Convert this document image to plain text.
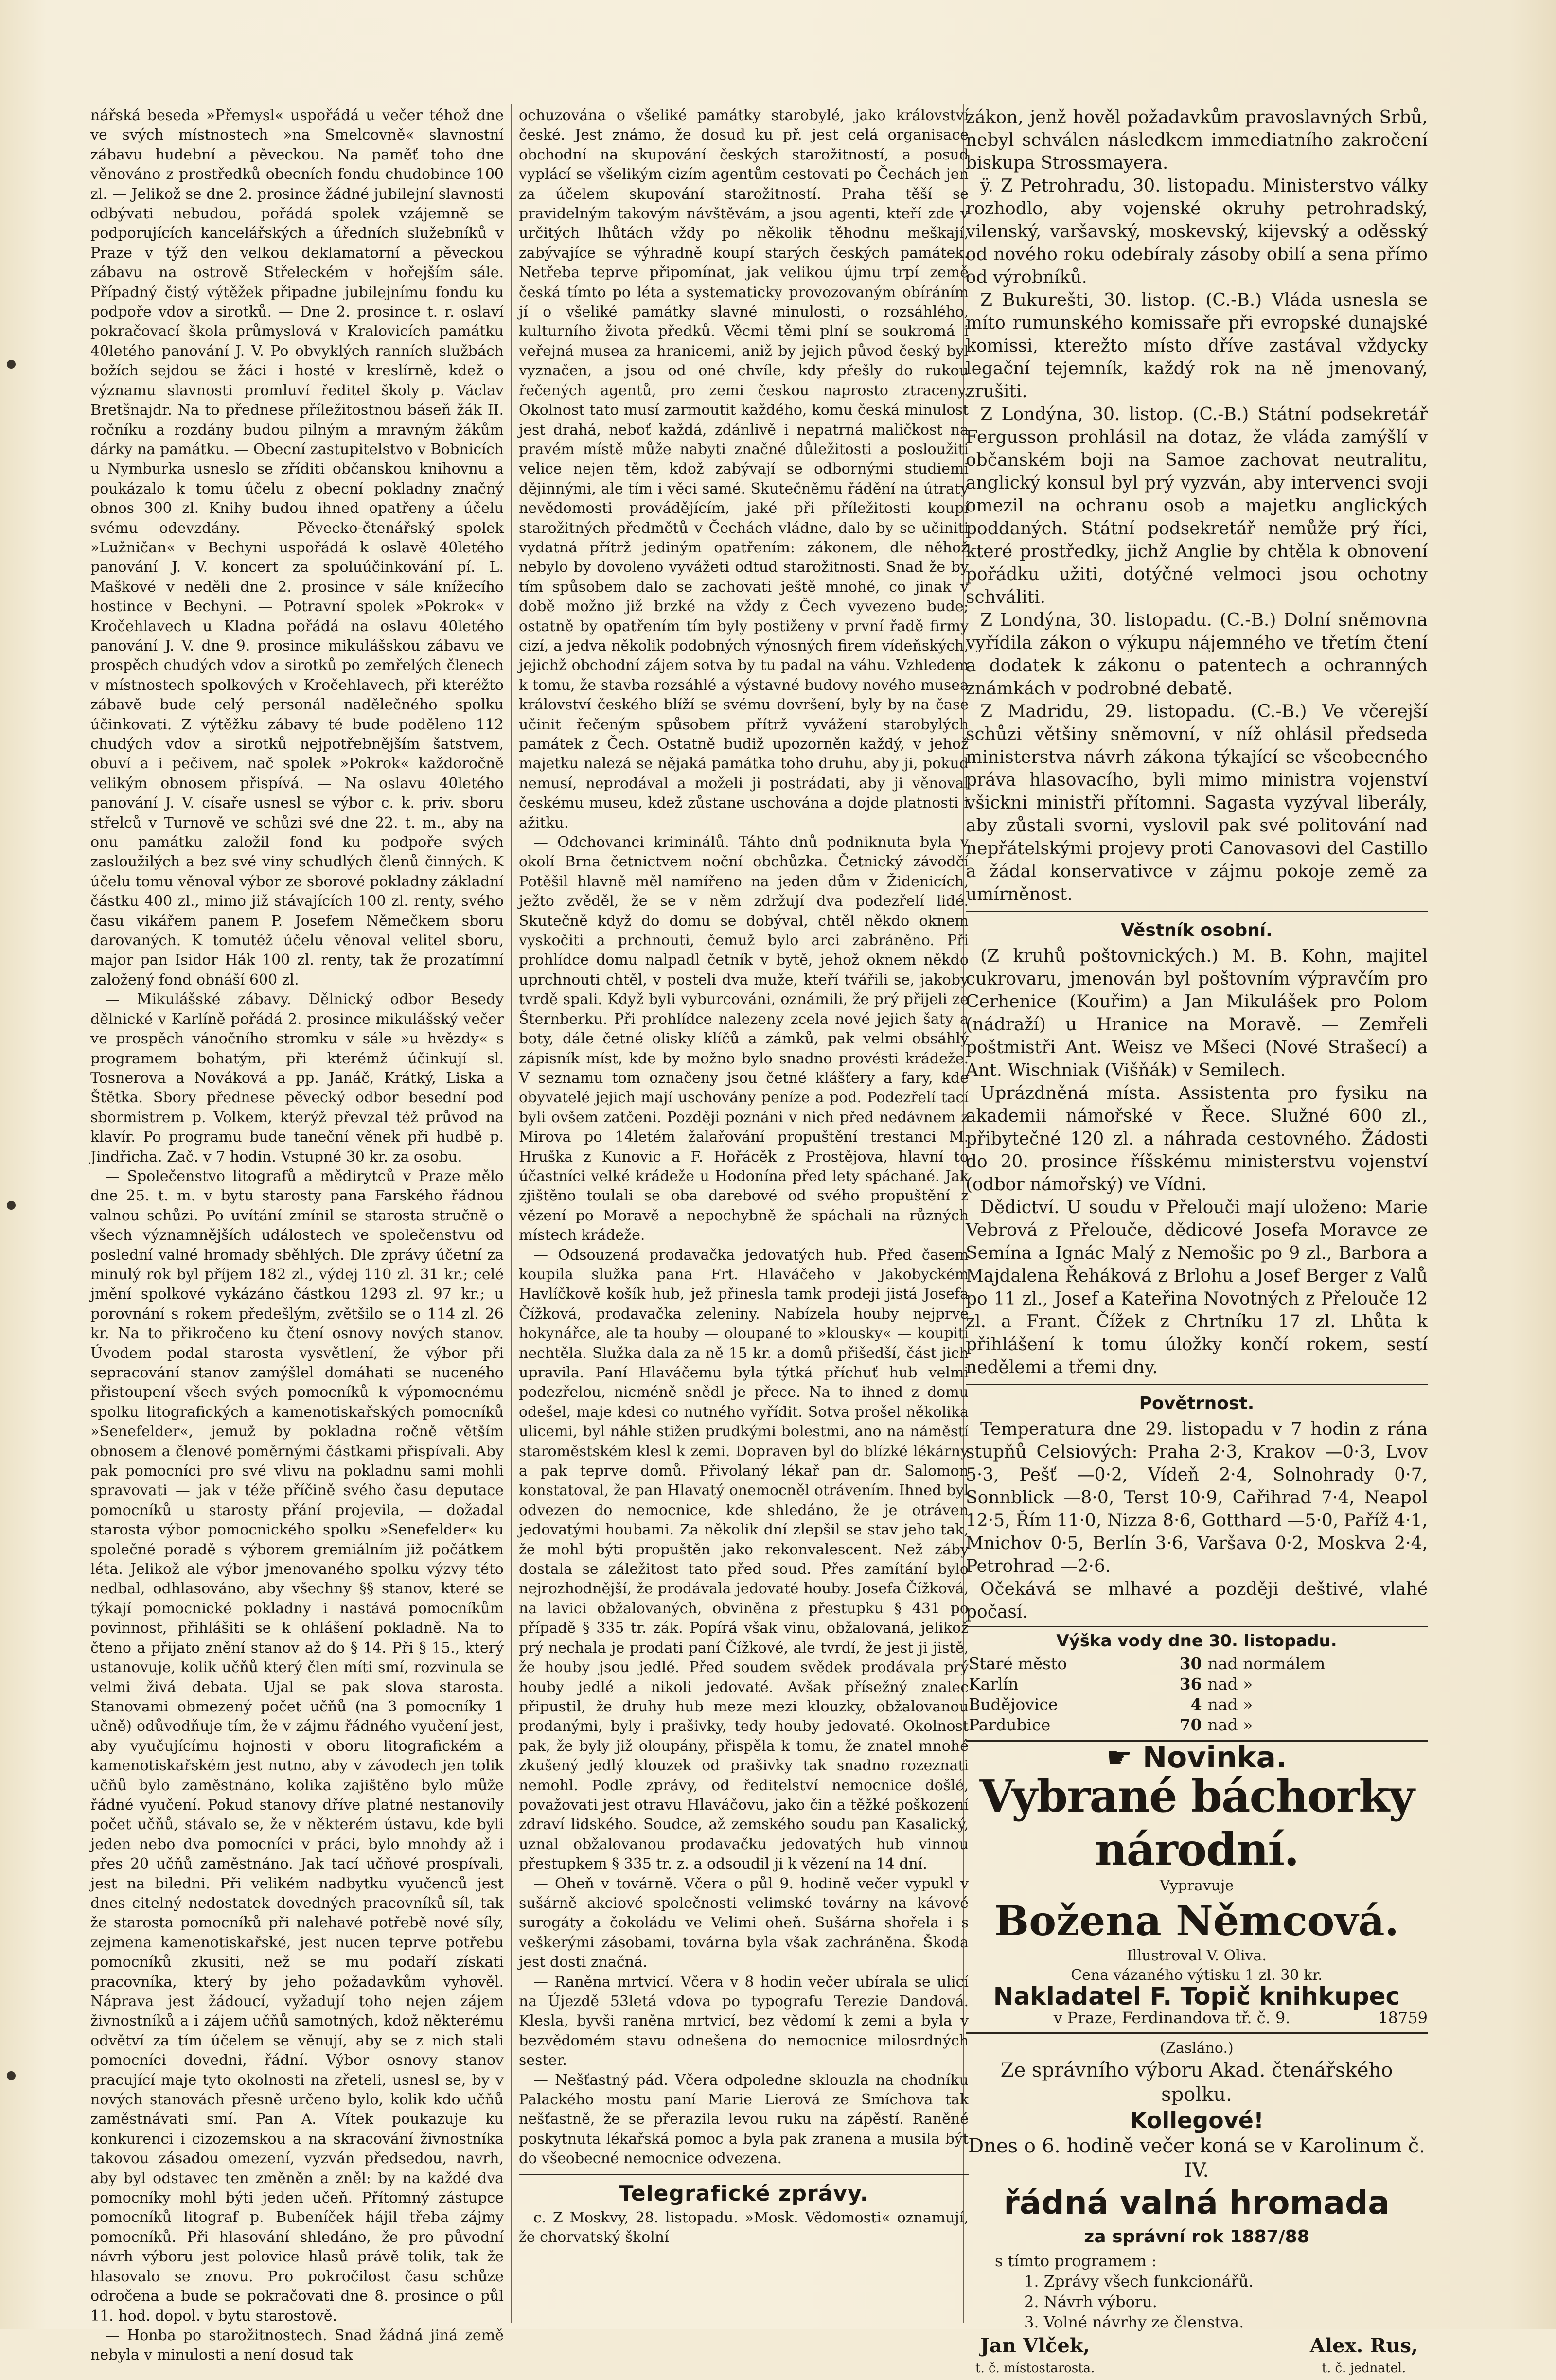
nářská beseda »Přemysl« uspořádá u večer téhož dne ve svých místnostech »na Smelcovně« slavnostní zábavu hudební a pěveckou. Na paměť toho dne věnováno z prostředků obecních fondu chudobince 100 zl. — Jelikož se dne 2. prosince žádné jubilejní slavnosti odbývati nebudou, pořádá spolek vzájemně se podporujících kancelářských a úředních služebníků v Praze v týž den velkou deklamatorní a pěveckou zábavu na ostrově Střeleckém v hořejším sále. Případný čistý výtěžek připadne jubilejnímu fondu ku podpoře vdov a sirotků. — Dne 2. prosince t. r. oslaví pokračovací škola průmyslová v Kralovicích památku 40letého panování J. V. Po obvyklých ranních službách božích sejdou se žáci i hosté v kreslírně, kdež o významu slavnosti promluví ředitel školy p. Václav Bretšnajdr. Na to přednese příležitostnou báseň žák II. ročníku a rozdány budou pilným a mravným žákům dárky na památku. — Obecní zastupitelstvo v Bobnicích u Nymburka usneslo se zříditi občanskou knihovnu a poukázalo k tomu účelu z obecní pokladny značný obnos 300 zl. Knihy budou ihned opatřeny a účelu svému odevzdány. — Pěvecko-čtenářský spolek »Lužničan« v Bechyni uspořádá k oslavě 40letého panování J. V. koncert za spoluúčinkování pí. L. Maškové v neděli dne 2. prosince v sále knížecího hostince v Bechyni. — Potravní spolek »Pokrok« v Kročehlavech u Kladna pořádá na oslavu 40letého panování J. V. dne 9. prosince mikulášskou zábavu ve prospěch chudých vdov a sirotků po zemřelých členech v místnostech spolkových v Kročehlavech, při kteréžto zábavě bude celý personál nadělečného spolku účinkovati. Z výtěžku zábavy té bude poděleno 112 chudých vdov a sirotků nejpotřebnějším šatstvem, obuví a i pečivem, nač spolek »Pokrok« každoročně velikým obnosem přispívá. — Na oslavu 40letého panování J. V. císaře usnesl se výbor c. k. priv. sboru střelců v Turnově ve schůzi své dne 22. t. m., aby na onu památku založil fond ku podpoře svých zasloužilých a bez své viny schudlých členů činných. K účelu tomu věnoval výbor ze sborové pokladny základní částku 400 zl., mimo již stávajících 100 zl. renty, svého času vikářem panem P. Josefem Němečkem sboru darovaných. K tomutéž účelu věnoval velitel sboru, major pan Isidor Hák 100 zl. renty, tak že prozatímní založený fond obnáší 600 zl.

— Mikulášské zábavy. Dělnický odbor Besedy dělnické v Karlíně pořádá 2. prosince mikulášský večer ve prospěch vánočního stromku v sále »u hvězdy« s programem bohatým, při kterémž účinkují sl. Tosnerova a Nováková a pp. Janáč, Krátký, Liska a Štětka. Sbory přednese pěvecký odbor besední pod sbormistrem p. Volkem, kterýž převzal též průvod na klavír. Po programu bude taneční věnek při hudbě p. Jindřicha. Zač. v 7 hodin. Vstupné 30 kr. za osobu.

— Společenstvo litografů a mědirytců v Praze mělo dne 25. t. m. v bytu starosty pana Farského řádnou valnou schůzi. Po uvítání zmínil se starosta stručně o všech významnějších událostech ve společenstvu od poslední valné hromady sběhlých. Dle zprávy účetní za minulý rok byl příjem 182 zl., výdej 110 zl. 31 kr.; celé jmění spolkové vykázáno částkou 1293 zl. 97 kr.; u porovnání s rokem předešlým, zvětšilo se o 114 zl. 26 kr. Na to přikročeno ku čtení osnovy nových stanov. Úvodem podal starosta vysvětlení, že výbor při sepracování stanov zamýšlel domáhati se nuceného přistoupení všech svých pomocníků k výpomocnému spolku litografických a kamenotiskařských pomocníků »Senefelder«, jemuž by pokladna ročně větším obnosem a členové poměrnými částkami přispívali. Aby pak pomocníci pro své vlivu na pokladnu sami mohli spravovati — jak v téže příčině svého času deputace pomocníků u starosty přání projevila, — dožadal starosta výbor pomocnického spolku »Senefelder« ku společné poradě s výborem gremiálním již počátkem léta. Jelikož ale výbor jmenovaného spolku výzvy této nedbal, odhlasováno, aby všechny §§ stanov, které se týkají pomocnické pokladny i nastává pomocníkům povinnost, přihlášiti se k ohlášení pokladně. Na to čteno a přijato znění stanov až do § 14. Při § 15., který ustanovuje, kolik učňů který člen míti smí, rozvinula se velmi živá debata. Ujal se pak slova starosta. Stanovami obmezený počet učňů (na 3 pomocníky 1 učně) odůvodňuje tím, že v zájmu řádného vyučení jest, aby vyučujícímu hojnosti v oboru litografickém a kamenotiskařském jest nutno, aby v závodech jen tolik učňů bylo zaměstnáno, kolika zajištěno bylo může řádné vyučení. Pokud stanovy dříve platné nestanovily počet učňů, stávalo se, že v některém ústavu, kde byli jeden nebo dva pomocníci v práci, bylo mnohdy až i přes 20 učňů zaměstnáno. Jak tací učňové prospívali, jest na biledni. Při velikém nadbytku vyučenců jest dnes citelný nedostatek dovedných pracovníků síl, tak že starosta pomocníků při nalehavé potřebě nové síly, zejmena kamenotiskařské, jest nucen teprve potřebu pomocníků zkusiti, než se mu podaří získati pracovníka, který by jeho požadavkům vyhověl. Náprava jest žádoucí, vyžadují toho nejen zájem živnostníků a i zájem učňů samotných, kdož některému odvětví za tím účelem se věnují, aby se z nich stali pomocníci dovedni, řádní. Výbor osnovy stanov pracující maje tyto okolnosti na zřeteli, usnesl se, by v nových stanovách přesně určeno bylo, kolik kdo učňů zaměstnávati smí. Pan A. Vítek poukazuje ku konkurenci i cizozemskou a na skracování živnostníka takovou zásadou omezení, vyzván předsedou, navrh, aby byl odstavec ten změněn a zněl: by na každé dva pomocníky mohl býti jeden učeň. Přítomný zástupce pomocníků litograf p. Bubeníček hájil třeba zájmy pomocníků. Při hlasování shledáno, že pro původní návrh výboru jest polovice hlasů právě tolik, tak že hlasovalo se znovu. Pro pokročilost času schůze odročena a bude se pokračovati dne 8. prosince o půl 11. hod. dopol. v bytu starostově.

— Honba po starožitnostech. Snad žádná jiná země nebyla v minulosti a není dosud tak

ochuzována o všeliké památky starobylé, jako království české. Jest známo, že dosud ku př. jest celá organisace obchodní na skupování českých starožitností, a posud vyplácí se všelikým cizím agentům cestovati po Čechách jen za účelem skupování starožitností. Praha těší se pravidelným takovým návštěvám, a jsou agenti, kteří zde v určitých lhůtách vždy po několik těhodnu meškají, zabývajíce se výhradně koupí starých českých památek. Netřeba teprve připomínat, jak velikou újmu trpí země česká tímto po léta a systematicky provozovaným obíráním jí o všeliké památky slavné minulosti, o rozsáhlého, kulturního života předků. Věcmi těmi plní se soukromá i veřejná musea za hranicemi, aniž by jejich původ český byl vyznačen, a jsou od oné chvíle, kdy přešly do rukou řečených agentů, pro zemi českou naprosto ztraceny. Okolnost tato musí zarmoutit každého, komu česká minulost jest drahá, neboť každá, zdánlivě i nepatrná maličkost na pravém místě může nabyti značné důležitosti a posloužiti velice nejen těm, kdož zabývají se odbornými studiemi dějinnými, ale tím i věci samé. Skutečněmu řádění na útraty nevědomosti provádějícím, jaké při příležitosti koupí starožitných předmětů v Čechách vládne, dalo by se učiniti vydatná přítrž jediným opatřením: zákonem, dle něhož nebylo by dovoleno vyvážeti odtud starožitnosti. Snad že by tím spůsobem dalo se zachovati ještě mnohé, co jinak v době možno již brzké na vždy z Čech vyvezeno bude; ostatně by opatřením tím byly postiženy v první řadě firmy cizí, a jedva několik podobných výnosných firem vídeňských, jejichž obchodní zájem sotva by tu padal na váhu. Vzhledem k tomu, že stavba rozsáhlé a výstavné budovy nového musea království českého blíží se svému dovršení, byly by na čase učinit řečeným spůsobem přítrž vyvážení starobylých památek z Čech. Ostatně budiž upozorněn každý, v jehož majetku nalezá se nějaká památka toho druhu, aby ji, pokud nemusí, neprodával a moželi ji postrádati, aby ji věnoval českému museu, kdež zůstane uschována a dojde platnosti i ažitku.

— Odchovanci kriminálů. Táhto dnů podniknuta byla v okolí Brna četnictvem noční obchůzka. Četnický závodčí Potěšil hlavně měl namířeno na jeden dům v Židenicích, ježto zvěděl, že se v něm zdržují dva podezřelí lidé. Skutečně když do domu se dobýval, chtěl někdo oknem vyskočiti a prchnouti, čemuž bylo arci zabráněno. Při prohlídce domu nalpadl četník v bytě, jehož oknem někdo uprchnouti chtěl, v posteli dva muže, kteří tvářili se, jakoby tvrdě spali. Když byli vyburcováni, oznámili, že prý přijeli ze Šternberku. Při prohlídce nalezeny zcela nové jejich šaty a boty, dále četné olisky klíčů a zámků, pak velmi obsáhlý zápisník míst, kde by možno bylo snadno provésti krádeže. V seznamu tom označeny jsou četné klášťery a fary, kde obyvatelé jejich mají uschovány peníze a pod. Podezřelí tací byli ovšem zatčeni. Později poznáni v nich před nedávnem z Mirova po 14letém žalařování propuštění trestanci M. Hruška z Kunovic a F. Hořácěk z Prostějova, hlavní to účastníci velké krádeže u Hodonína před lety spáchané. Jak zjištěno toulali se oba darebové od svého propuštění z vězení po Moravě a nepochybně že spáchali na různých místech krádeže.

— Odsouzená prodavačka jedovatých hub. Před časem koupila služka pana Frt. Hlaváčeho v Jakobyckém Havlíčkově košík hub, jež přinesla tamk prodeji jistá Josefa Čížková, prodavačka zeleniny. Nabízela houby nejprve hokynářce, ale ta houby — oloupané to »klousky« — koupiti nechtěla. Služka dala za ně 15 kr. a domů přišedší, část jich upravila. Paní Hlaváčemu byla týtká příchuť hub velmi podezřelou, nicméně snědl je přece. Na to ihned z domu odešel, maje kdesi co nutného vyřídit. Sotva prošel několika ulicemi, byl náhle stižen prudkými bolestmi, ano na náměstí staroměstském klesl k zemi. Dopraven byl do blízké lékárny a pak teprve domů. Přivolaný lékař pan dr. Salomon konstatoval, že pan Hlavatý onemocněl otrávením. Ihned byl odvezen do nemocnice, kde shledáno, že je otráven jedovatými houbami. Za několik dní zlepšil se stav jeho tak, že mohl býti propuštěn jako rekonvalescent. Než záby dostala se záležitost tato před soud. Přes zamítání bylo nejrozhodnější, že prodávala jedovaté houby. Josefa Čížková, na lavici obžalovaných, obviněna z přestupku § 431 po případě § 335 tr. zák. Popírá však vinu, obžalovaná, jelikož prý nechala je prodati paní Čížkové, ale tvrdí, že jest ji jistě, že houby jsou jedlé. Před soudem svědek prodávala prý houby jedlé a nikoli jedovaté. Avšak přísežný znalec připustil, že druhy hub meze mezi klouzky, obžalovanou prodanými, byly i prašivky, tedy houby jedovaté. Okolnost pak, že byly již oloupány, přispěla k tomu, že znatel mnohé zkušený jedlý klouzek od prašivky tak snadno rozeznati nemohl. Podle zprávy, od ředitelství nemocnice došlé, považovati jest otravu Hlaváčovu, jako čin a těžké poškození zdraví lidského. Soudce, až zemského soudu pan Kasalický, uznal obžalovanou prodavačku jedovatých hub vinnou přestupkem § 335 tr. z. a odsoudil ji k vězení na 14 dní.

— Oheň v továrně. Včera o půl 9. hodině večer vypukl v sušárně akciové společnosti velimské továrny na kávové surogáty a čokoládu ve Velimi oheň. Sušárna shořela i s veškerými zásobami, továrna byla však zachráněna. Škoda jest dosti značná.

— Raněna mrtvicí. Včera v 8 hodin večer ubírala se ulicí na Újezdě 53letá vdova po typografu Terezie Dandová. Klesla, byvši raněna mrtvicí, bez vědomí k zemi a byla v bezvědomém stavu odnešena do nemocnice milosrdných sester.

— Nešťastný pád. Včera odpoledne sklouzla na chodníku Palackého mostu paní Marie Lierová ze Smíchova tak nešťastně, že se přerazila levou ruku na zápěstí. Raněné poskytnuta lékařská pomoc a byla pak zranena a musila být do všeobecné nemocnice odvezena.

Telegrafické zprávy.

c. Z Moskvy, 28. listopadu. »Mosk. Vědomosti« oznamují, že chorvatský školní

zákon, jenž hověl požadavkům pravoslavných Srbů, nebyl schválen následkem immediatního zakročení biskupa Strossmayera.

ÿ. Z Petrohradu, 30. listopadu. Ministerstvo války rozhodlo, aby vojenské okruhy petrohradský, vilenský, varšavský, moskevský, kijevský a oděsský od nového roku odebíraly zásoby obilí a sena přímo od výrobníků.

Z Bukurešti, 30. listop. (C.-B.) Vláda usnesla se míto rumunského komissaře při evropské dunajské komissi, kterežto místo dříve zastával vždycky legační tejemník, každý rok na ně jmenovaný, zrušiti.

Z Londýna, 30. listop. (C.-B.) Státní podsekretář Fergusson prohlásil na dotaz, že vláda zamýšlí v občanském boji na Samoe zachovat neutralitu, anglický konsul byl prý vyzván, aby intervenci svoji omezil na ochranu osob a majetku anglických poddaných. Státní podsekretář nemůže prý říci, které prostředky, jichž Anglie by chtěla k obnovení pořádku užiti, dotýčné velmoci jsou ochotny schváliti.

Z Londýna, 30. listopadu. (C.-B.) Dolní sněmovna vyřídila zákon o výkupu nájemného ve třetím čtení a dodatek k zákonu o patentech a ochranných známkách v podrobné debatě.

Z Madridu, 29. listopadu. (C.-B.) Ve včerejší schůzi většiny sněmovní, v níž ohlásil předseda ministerstva návrh zákona týkající se všeobecného práva hlasovacího, byli mimo ministra vojenství všickni ministři přítomni. Sagasta vyzýval liberály, aby zůstali svorni, vyslovil pak své politování nad nepřátelskými projevy proti Canovasovi del Castillo a žádal konservativce v zájmu pokoje země za umírněnost.

Věstník osobní.

(Z kruhů poštovnických.) M. B. Kohn, majitel cukrovaru, jmenován byl poštovním výpravčím pro Cerhenice (Kouřim) a Jan Mikulášek pro Polom (nádraží) u Hranice na Moravě. — Zemřeli poštmistři Ant. Weisz ve Mšeci (Nové Strašecí) a Ant. Wischniak (Višňák) v Semilech.

Uprázdněná místa. Assistenta pro fysiku na akademii námořské v Řece. Služné 600 zl., přibytečné 120 zl. a náhrada cestovného. Žádosti do 20. prosince říšskému ministerstvu vojenství (odbor námořský) ve Vídni.

Dědictví. U soudu v Přelouči mají uloženo: Marie Vebrová z Přelouče, dědicové Josefa Moravce ze Semína a Ignác Malý z Nemošic po 9 zl., Barbora a Majdalena Řeháková z Brlohu a Josef Berger z Valů po 11 zl., Josef a Kateřina Novotných z Přelouče 12 zl. a Frant. Čížek z Chrtníku 17 zl. Lhůta k přihlášení k tomu úložky končí rokem, sestí nedělemi a třemi dny.

Povětrnost.

Temperatura dne 29. listopadu v 7 hodin z rána stupňů Celsiových: Praha 2·3, Krakov —0·3, Lvov 5·3, Pešť —0·2, Vídeň 2·4, Solnohrady 0·7, Sonnblick —8·0, Terst 10·9, Cařihrad 7·4, Neapol 12·5, Řím 11·0, Nizza 8·6, Gotthard —5·0, Paříž 4·1, Mnichov 0·5, Berlín 3·6, Varšava 0·2, Moskva 2·4, Petrohrad —2·6.

Očekává se mlhavé a později deštivé, vlahé počasí.

Výška vody dne 30. listopadu.
Staré město	30	nad normálem
Karlín	36	nad »
Budějovice	4	nad »
Pardubice	70	nad »
☛ Novinka.
Vybrané báchorky národní.
Vypravuje
Božena Němcová.
Illustroval V. Oliva.
Cena vázaného výtisku 1 zl. 30 kr.
Nakladatel F. Topič knihkupec
v Praze, Ferdinandova tř. č. 9.	18759
(Zasláno.)
Ze správního výboru Akad. čtenářského spolku.
Kollegové!
Dnes o 6. hodině večer koná se v Karolinum č. IV.
řádná valná hromada
za správní rok 1887/88
s tímto programem :
1. Zprávy všech funkcionářů.
2. Návrh výboru.
3. Volné návrhy ze členstva.
Jan Vlček,
t. č. místostarosta.
Alex. Rus,
t. č. jednatel.
